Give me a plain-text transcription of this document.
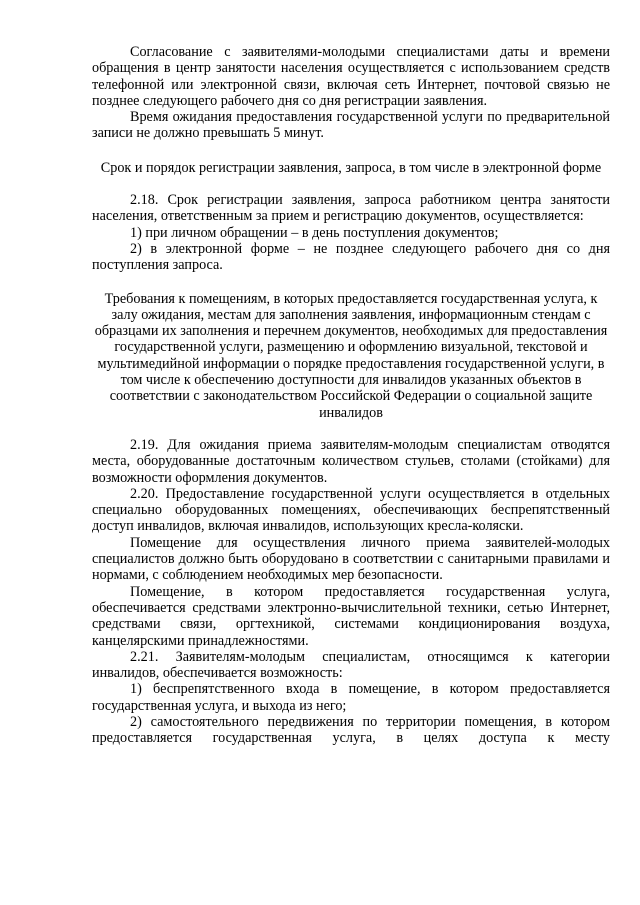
Согласование с заявителями-молодыми специалистами даты и времени обращения в центр занятости населения осуществляется с использованием средств телефонной или электронной связи, включая сеть Интернет, почтовой связью не позднее следующего рабочего дня со дня регистрации заявления.

Время ожидания предоставления государственной услуги по предварительной записи не должно превышать 5 минут.

Срок и порядок регистрации заявления, запроса, в том числе в электронной форме

2.18. Срок регистрации заявления, запроса работником центра занятости населения, ответственным за прием и регистрацию документов, осуществляется:

1) при личном обращении – в день поступления документов;

2) в электронной форме – не позднее следующего рабочего дня со дня поступления запроса.

Требования к помещениям, в которых предоставляется государственная услуга, к залу ожидания, местам для заполнения заявления, информационным стендам с образцами их заполнения и перечнем документов, необходимых для предоставления государственной услуги, размещению и оформлению визуальной, текстовой и мультимедийной информации о порядке предоставления государственной услуги, в том числе к обеспечению доступности для инвалидов указанных объектов в соответствии с законодательством Российской Федерации о социальной защите инвалидов

2.19. Для ожидания приема заявителям-молодым специалистам отводятся места, оборудованные достаточным количеством стульев, столами (стойками) для возможности оформления документов.

2.20. Предоставление государственной услуги осуществляется в отдельных специально оборудованных помещениях, обеспечивающих беспрепятственный доступ инвалидов, включая инвалидов, использующих кресла-коляски.

Помещение для осуществления личного приема заявителей-молодых специалистов должно быть оборудовано в соответствии с санитарными правилами и нормами, с соблюдением необходимых мер безопасности.

Помещение, в котором предоставляется государственная услуга, обеспечивается средствами электронно-вычислительной техники, сетью Интернет, средствами связи, оргтехникой, системами кондиционирования воздуха, канцелярскими принадлежностями.

2.21. Заявителям-молодым специалистам, относящимся к категории инвалидов, обеспечивается возможность:

1) беспрепятственного входа в помещение, в котором предоставляется государственная услуга, и выхода из него;

2) самостоятельного передвижения по территории помещения, в котором предоставляется государственная услуга, в целях доступа к месту
